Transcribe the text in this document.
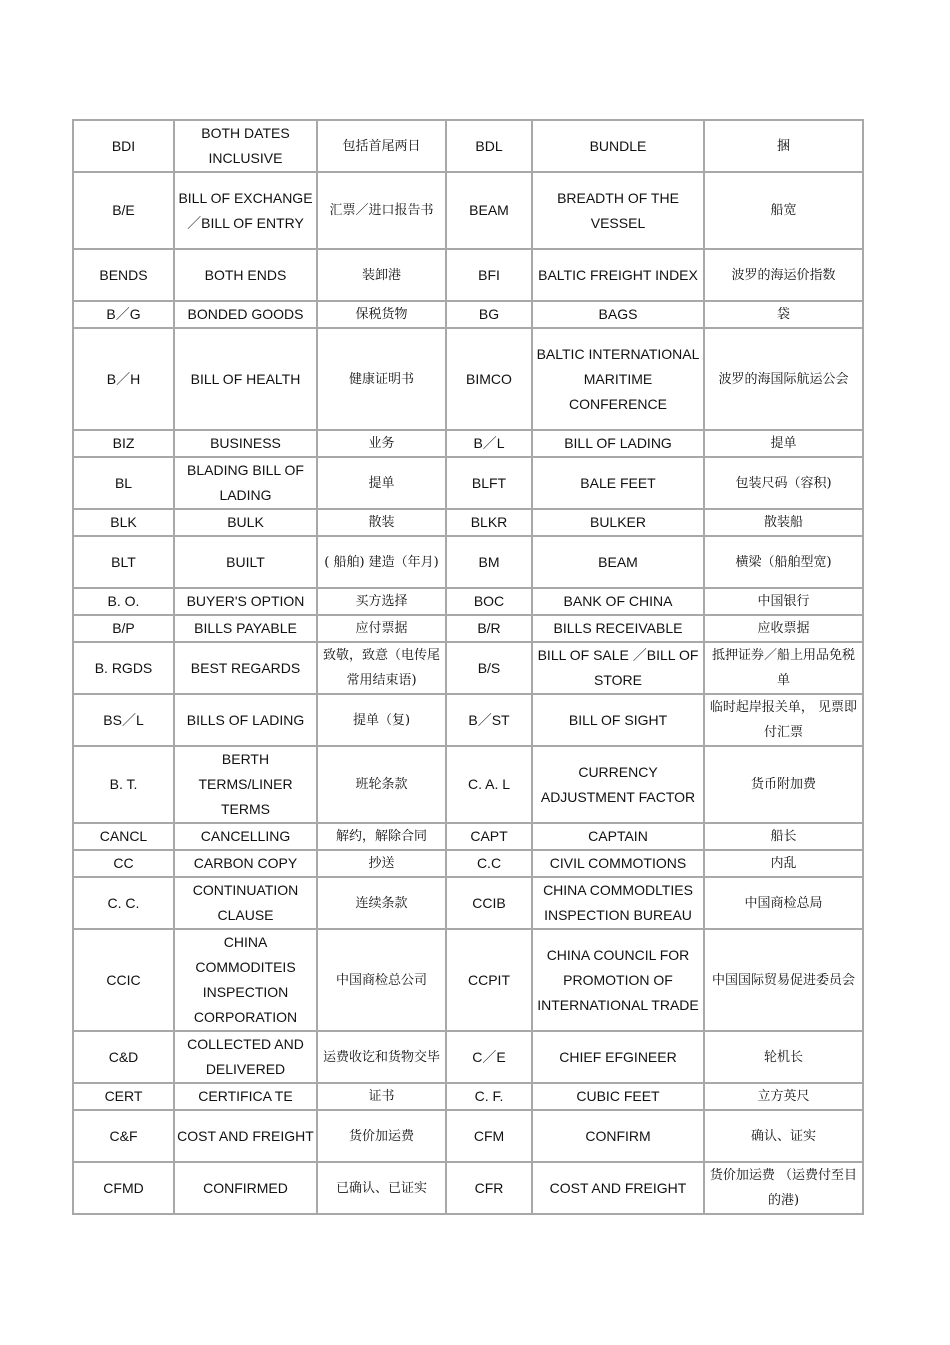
BDI	BOTH DATES INCLUSIVE	包括首尾两日	BDL	BUNDLE	捆
B/E	BILL OF EXCHANGE ／BILL OF ENTRY	汇票／进口报告书	BEAM	BREADTH OF THE VESSEL	船宽
BENDS	BOTH ENDS	装卸港	BFI	BALTIC FREIGHT INDEX	波罗的海运价指数
B／G	BONDED GOODS	保税货物	BG	BAGS	袋
B／H	BILL OF HEALTH	健康证明书	BIMCO	BALTIC INTERNATIONAL MARITIME CONFERENCE	波罗的海国际航运公会
BIZ	BUSINESS	业务	B／L	BILL OF LADING	提单
BL	BLADING BILL OF LADING	提单	BLFT	BALE FEET	包装尺码（容积)
BLK	BULK	散装	BLKR	BULKER	散装船
BLT	BUILT	( 船舶) 建造（年月)	BM	BEAM	横梁（船舶型宽)
B. O.	BUYER'S OPTION	买方选择	BOC	BANK OF CHINA	中国银行
B/P	BILLS PAYABLE	应付票据	B/R	BILLS RECEIVABLE	应收票据
B. RGDS	BEST REGARDS	致敬，致意（电传尾常用结束语)	B/S	BILL OF SALE ／BILL OF STORE	抵押证券／船上用品免税单
BS／L	BILLS OF LADING	提单（复)	B／ST	BILL OF SIGHT	临时起岸报关单， 见票即付汇票
B. T.	BERTH TERMS/LINER TERMS	班轮条款	C. A. L	CURRENCY ADJUSTMENT FACTOR	货币附加费
CANCL	CANCELLING	解约，解除合同	CAPT	CAPTAIN	船长
CC	CARBON COPY	抄送	C.C	CIVIL COMMOTIONS	内乱
C. C.	CONTINUATION CLAUSE	连续条款	CCIB	CHINA COMMODLTIES INSPECTION BUREAU	中国商检总局
CCIC	CHINA COMMODITEIS INSPECTION CORPORATION	中国商检总公司	CCPIT	CHINA COUNCIL FOR PROMOTION OF INTERNATIONAL TRADE	中国国际贸易促进委员会
C&D	COLLECTED AND DELIVERED	运费收讫和货物交毕	C／E	CHIEF EFGINEER	轮机长
CERT	CERTIFICA TE	证书	C. F.	CUBIC FEET	立方英尺
C&F	COST AND FREIGHT	货价加运费	CFM	CONFIRM	确认、证实
CFMD	CONFIRMED	已确认、已证实	CFR	COST AND FREIGHT	货价加运费 （运费付至目的港)
